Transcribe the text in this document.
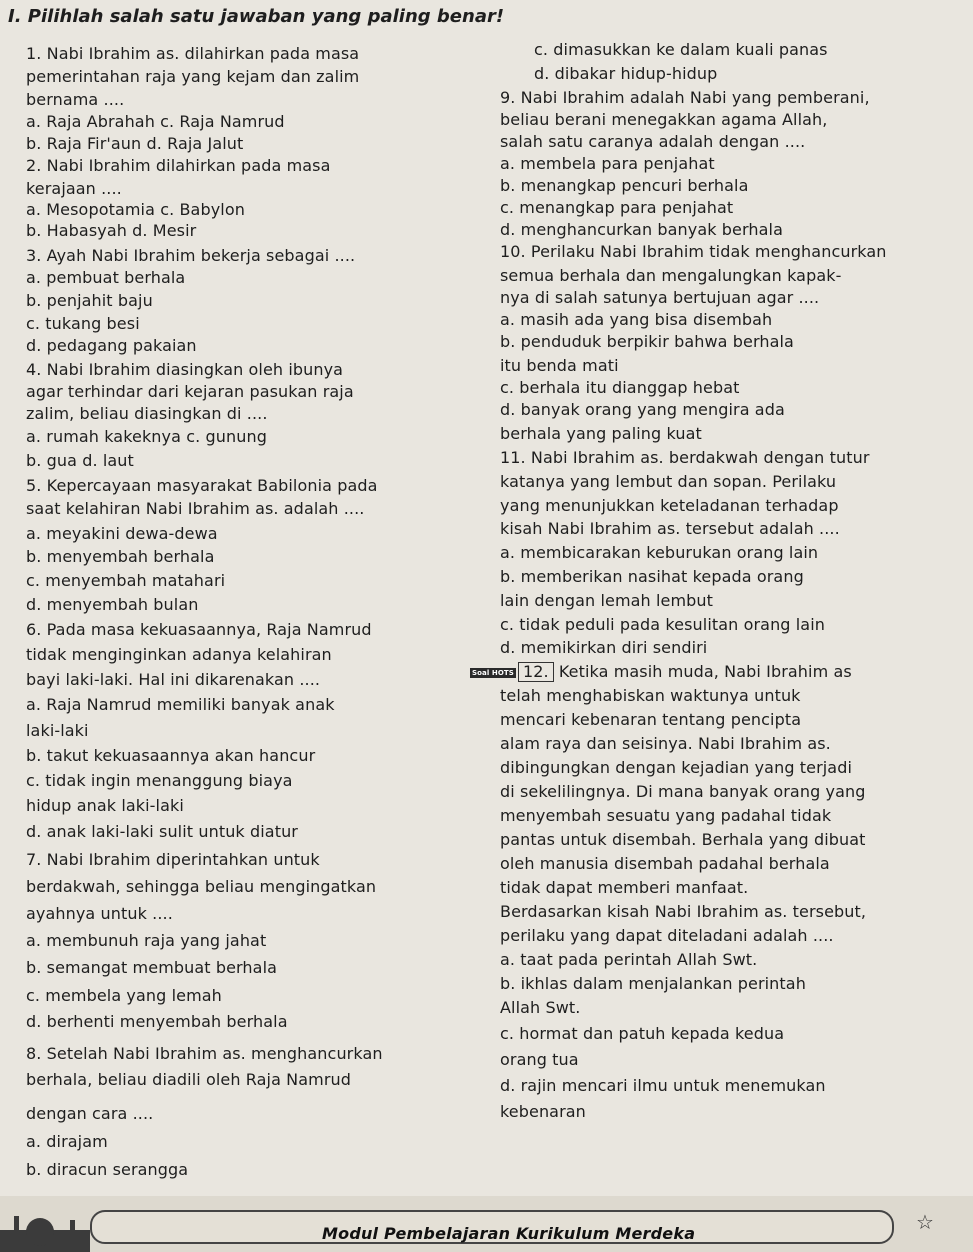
I. Pilihlah salah satu jawaban yang paling benar!
1. Nabi Ibrahim as. dilahirkan pada masa
pemerintahan raja yang kejam dan zalim
bernama ....
a. Raja Abrahah c. Raja Namrud
b. Raja Fir'aun d. Raja Jalut
2. Nabi Ibrahim dilahirkan pada masa
kerajaan ....
a. Mesopotamia c. Babylon
b. Habasyah d. Mesir
3. Ayah Nabi Ibrahim bekerja sebagai ....
a. pembuat berhala
b. penjahit baju
c. tukang besi
d. pedagang pakaian
4. Nabi Ibrahim diasingkan oleh ibunya
agar terhindar dari kejaran pasukan raja
zalim, beliau diasingkan di ....
a. rumah kakeknya c. gunung
b. gua d. laut
5. Kepercayaan masyarakat Babilonia pada
saat kelahiran Nabi Ibrahim as. adalah ....
a. meyakini dewa-dewa
b. menyembah berhala
c. menyembah matahari
d. menyembah bulan
6. Pada masa kekuasaannya, Raja Namrud
tidak menginginkan adanya kelahiran
bayi laki-laki. Hal ini dikarenakan ....
a. Raja Namrud memiliki banyak anak
laki-laki
b. takut kekuasaannya akan hancur
c. tidak ingin menanggung biaya
hidup anak laki-laki
d. anak laki-laki sulit untuk diatur
7. Nabi Ibrahim diperintahkan untuk
berdakwah, sehingga beliau mengingatkan
ayahnya untuk ....
a. membunuh raja yang jahat
b. semangat membuat berhala
c. membela yang lemah
d. berhenti menyembah berhala
8. Setelah Nabi Ibrahim as. menghancurkan
berhala, beliau diadili oleh Raja Namrud
dengan cara ....
a. dirajam
b. diracun serangga
c. dimasukkan ke dalam kuali panas
d. dibakar hidup-hidup
9. Nabi Ibrahim adalah Nabi yang pemberani,
beliau berani menegakkan agama Allah,
salah satu caranya adalah dengan ....
a. membela para penjahat
b. menangkap pencuri berhala
c. menangkap para penjahat
d. menghancurkan banyak berhala
10. Perilaku Nabi Ibrahim tidak menghancurkan
semua berhala dan mengalungkan kapak-
nya di salah satunya bertujuan agar ....
a. masih ada yang bisa disembah
b. penduduk berpikir bahwa berhala
itu benda mati
c. berhala itu dianggap hebat
d. banyak orang yang mengira ada
berhala yang paling kuat
11. Nabi Ibrahim as. berdakwah dengan tutur
katanya yang lembut dan sopan. Perilaku
yang menunjukkan keteladanan terhadap
kisah Nabi Ibrahim as. tersebut adalah ....
a. membicarakan keburukan orang lain
b. memberikan nasihat kepada orang
lain dengan lemah lembut
c. tidak peduli pada kesulitan orang lain
d. memikirkan diri sendiri
Soal HOTS 12. Ketika masih muda, Nabi Ibrahim as
telah menghabiskan waktunya untuk
mencari kebenaran tentang pencipta
alam raya dan seisinya. Nabi Ibrahim as.
dibingungkan dengan kejadian yang terjadi
di sekelilingnya. Di mana banyak orang yang
menyembah sesuatu yang padahal tidak
pantas untuk disembah. Berhala yang dibuat
oleh manusia disembah padahal berhala
tidak dapat memberi manfaat.
Berdasarkan kisah Nabi Ibrahim as. tersebut,
perilaku yang dapat diteladani adalah ....
a. taat pada perintah Allah Swt.
b. ikhlas dalam menjalankan perintah
Allah Swt.
c. hormat dan patuh kepada kedua
orang tua
d. rajin mencari ilmu untuk menemukan
kebenaran
Modul Pembelajaran Kurikulum Merdeka	☆
